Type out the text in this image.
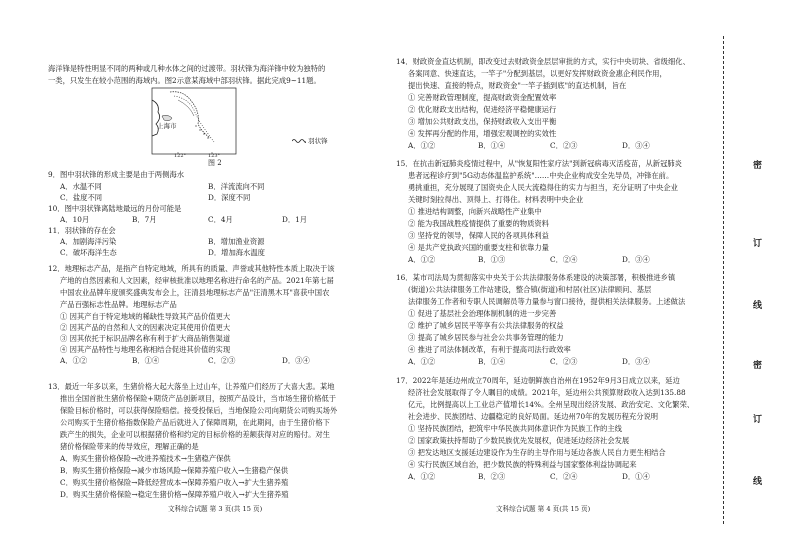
海洋锋是特性明显不同的两种或几种水体之间的过渡带。羽状锋为海洋锋中较为独特的
一类，只发生在较小范围的海域内。图2示意某海域中部羽状锋。据此完成9~11题。
上海市
122°	123°
羽状锋
图 2
9．图中羽状锋的形成主要是由于两侧海水
A．水温不同	B．洋流流向不同
C．盐度不同	D．深度不同
10．图中羽状锋离陆地最远的月份可能是
A．10月	B．7月	C．4月	D．1月
11．羽状锋的存在会
A．加剧海洋污染	B．增加渔业资源
C．破坏海洋生态	D．增加海水温度
12．地理标志产品，是指产自特定地域，所具有的质量、声誉或其他特性本质上取决于该
产地的自然因素和人文因素，经审核批准以地理名称进行命名的产品。2021年第七届
中国农业品牌年度颁奖盛典发布会上，汪清县地理标志产品"汪清黑木耳"喜获中国农
产品百强标志性品牌。地理标志产品
① 因其产自于特定地域的稀缺性导致其产品价值更大
② 因其产品的自然和人文的因素决定其使用价值更大
③ 因其依托于标识品牌名称有利于扩大商品销售渠道
④ 因其产品特性与地理名称相结合促进其价值的实现
A．①②	B．①④	C．②③	D．③④
13．最近一年多以来，生猪价格大起大落坐上过山车，让养殖户们经历了大喜大悲。某地
推出全国首批生猪价格保险+期货产品创新项目，按照产品设计，当市场生猪价格低于
保险目标价格时，可以获得保险赔偿。接受投保后，当地保险公司向期货公司购买场外
公司购买于生猪价格指数保险产品后就进入了保障周期，在此期间，由于生猪价格下
跌产生的损失，企业可以根据猪价格和约定的目标价格的差额获得对应的赔付。对生
猪价格保险带来的传导效应，理解正确的是
A．购买生猪价格保险→改进养殖技术→生猪稳产保供
B．购买生猪价格保险→减少市场风险→保障养殖户收入→生猪稳产保供
C．购买生猪价格保险→降低经营成本→保障养殖户收入→扩大生猪养殖
D．购买生猪价格保险→稳定生猪价格→保障养殖户收入→扩大生猪养殖
文科综合试题 第 3 页(共 15 页)
14．财政资金直达机制，即改变过去财政资金层层审批的方式，实行中央切块、省级细化、
各案同意、快速直达，一竿子"分配到基层，以更好发挥财政资金惠企利民作用，
提出快速、直接的特点，财政资金"一竿子插到底"的直达机制，旨在
① 完善财政管理制度，提高财政资金配置效率
② 优化财政支出结构，促进经济平稳健康运行
③ 增加公共财政支出，保持财政收入支出平衡
④ 发挥再分配的作用，增强宏观调控的实效性
A．①②	B．①④	C．②③	D．③④
15．在抗击新冠肺炎疫情过程中，从"恢复阳性家疗法"到新冠病毒灭活疫苗，从新冠肺炎
患者远程诊疗到"5G动态体温监护系统"……中央企业构成安全先导员，冲锋在前。
勇挑重担，充分展现了国资央企人民大流稳得住的实力与担当，充分证明了中央企业
关键时刻拉得出、顶得上、打得住。材料表明中央企业
① 推进结构调整，向新兴战略性产业集中
② 能为我国战胜疫情提供了重要的物质资料
③ 坚持党的领导，保障人民的各项具体利益
④ 是共产党执政兴国的重要支柱和依靠力量
A．①②	B．①③	C．②④	D．③④
16．某市司法局为贯彻落实中央关于公共法律服务体系建设的决策部署，积极推进乡镇
(街道)公共法律服务工作站建设，整合镇(街道)和村居(社区)法律顾问、基层
法律服务工作者和专职人民调解员等力量参与窗口接待，提供相关法律服务。上述做法
① 促进了基层社会治理体制机制的进一步完善
② 维护了城乡居民平等享有公共法律服务的权益
③ 提高了城乡居民参与社会公共事务管理的能力
④ 推进了司法体制改革，有利于提高司法行政效率
A．①②	B．①④	C．②③	D．③④
17．2022年是延边州成立70周年，延边朝鲜族自治州在1952年9月3日成立以来，延边
经济社会发展取得了令人瞩目的成绩。2021年，延边州公共预算财政收入达到135.88
亿元，比例提高以上工业总产值增长14%。全州呈现出经济发展、政治安定、文化繁荣、
社会进步、民族团结、边疆稳定的良好局面。延边州70年的发展历程充分说明
① 坚持民族团结，把筑牢中华民族共同体意识作为民族工作的主线
② 国家政策扶持帮助了少数民族优先发展权，促进延边经济社会发展
③ 把发达地区支援延边建设作为生存的主导作用与延边各族人民自力更生相结合
④ 实行民族区域自治，把少数民族的特殊利益与国家整体利益协调起来
A．①②	B．②③	C．②④	D．①④
文科综合试题 第 4 页(共 15 页)
密
订
线
密
订
线
